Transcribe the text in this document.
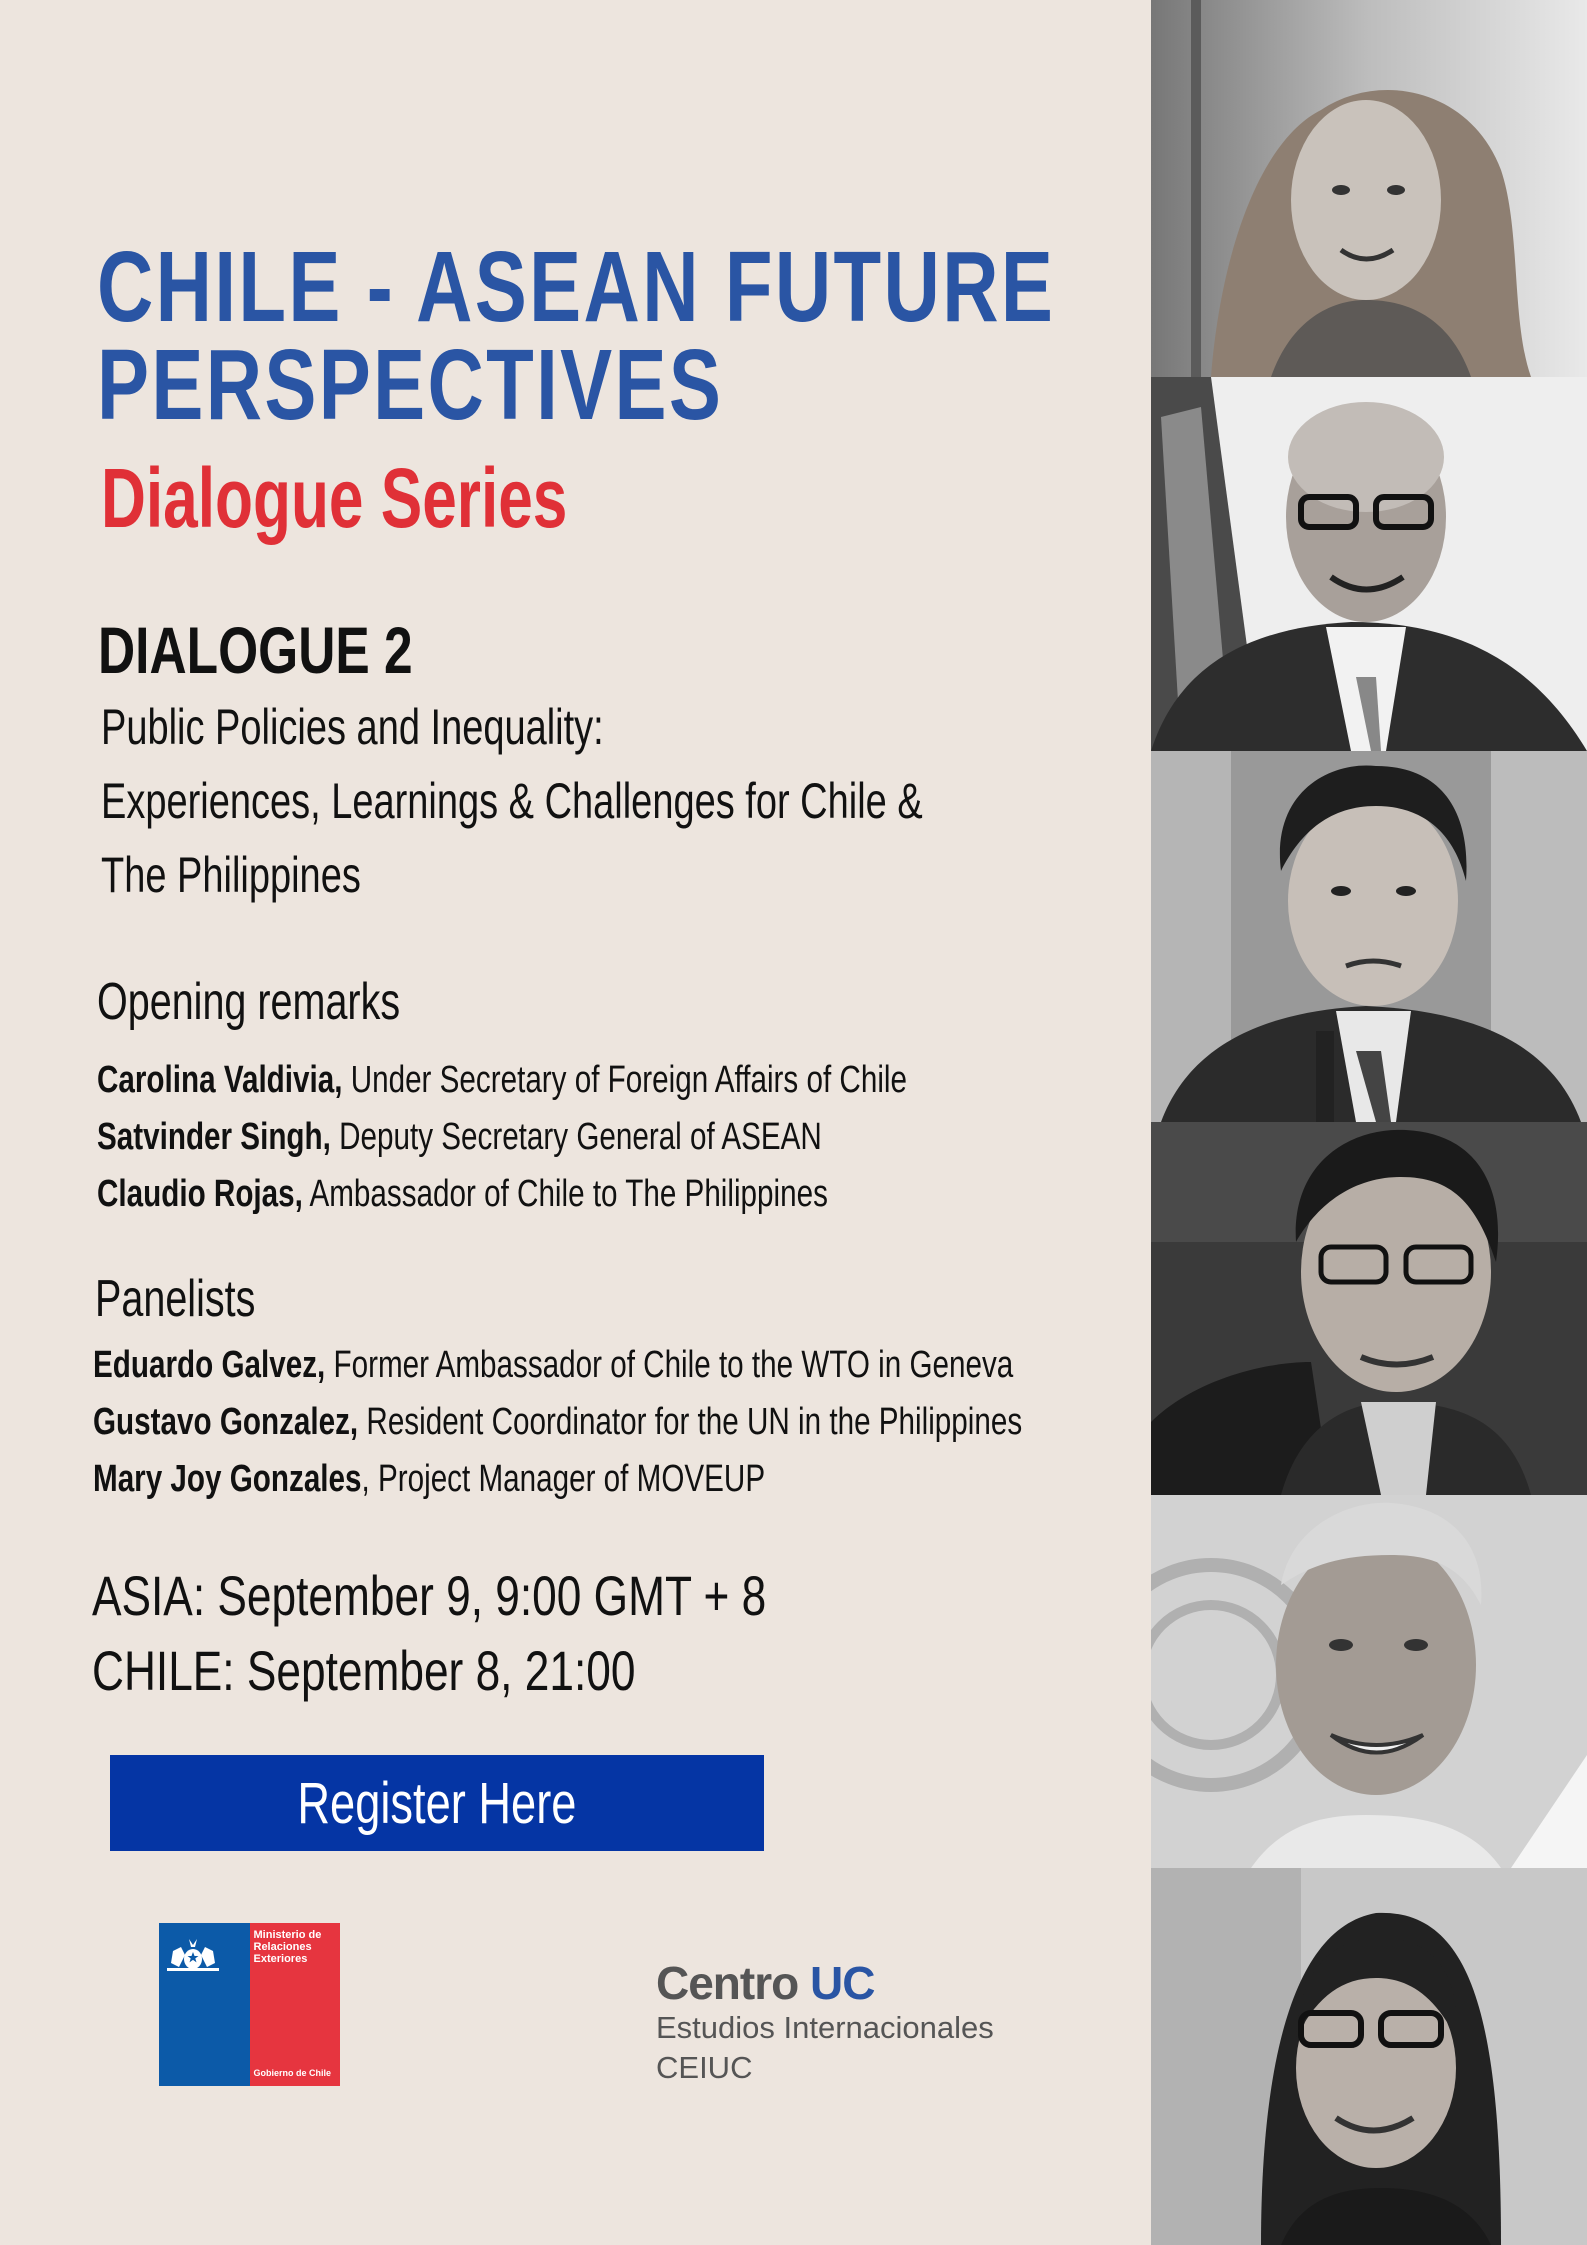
CHILE - ASEAN FUTURE
PERSPECTIVES
Dialogue Series
DIALOGUE 2
Public Policies and Inequality:
Experiences, Learnings & Challenges for Chile &
The Philippines
Opening remarks
Carolina Valdivia, Under Secretary of Foreign Affairs of Chile
Satvinder Singh, Deputy Secretary General of ASEAN
Claudio Rojas, Ambassador of Chile to The Philippines
Panelists
Eduardo Galvez, Former Ambassador of Chile to the WTO in Geneva
Gustavo Gonzalez, Resident Coordinator for the UN in the Philippines
Mary Joy Gonzales, Project Manager of MOVEUP
ASIA: September 9, 9:00 GMT + 8
CHILE: September 8, 21:00
Register Here
Ministerio de
Relaciones
Exteriores
Gobierno de Chile
Centro UC
Estudios Internacionales
CEIUC
